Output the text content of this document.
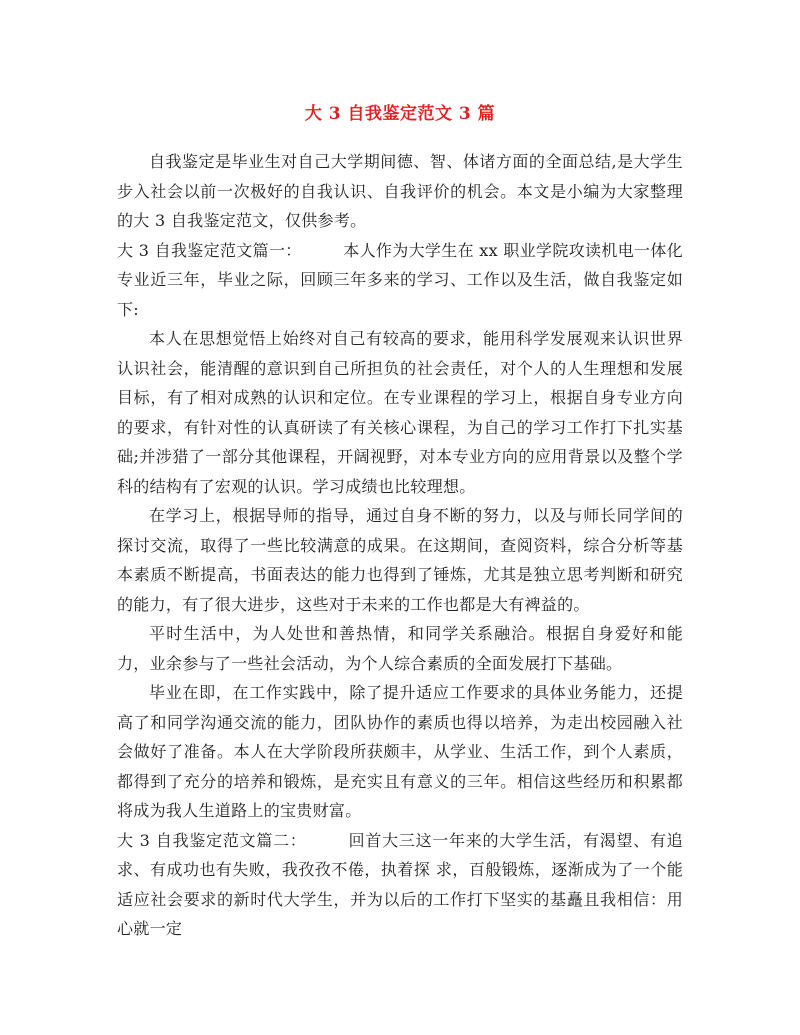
大 3 自我鉴定范文 3 篇

自我鉴定是毕业生对自己大学期间德、智、体诸方面的全面总结,是大学生步入社会以前一次极好的自我认识、自我评价的机会。本文是小编为大家整理的大 3 自我鉴定范文，仅供参考。

大 3 自我鉴定范文篇一：	本人作为大学生在 xx 职业学院攻读机电一体化专业近三年，毕业之际，回顾三年多来的学习、工作以及生活，做自我鉴定如下:

本人在思想觉悟上始终对自己有较高的要求，能用科学发展观来认识世界认识社会，能清醒的意识到自己所担负的社会责任，对个人的人生理想和发展目标，有了相对成熟的认识和定位。在专业课程的学习上，根据自身专业方向的要求，有针对性的认真研读了有关核心课程，为自己的学习工作打下扎实基础;并涉猎了一部分其他课程，开阔视野，对本专业方向的应用背景以及整个学科的结构有了宏观的认识。学习成绩也比较理想。

在学习上，根据导师的指导，通过自身不断的努力，以及与师长同学间的探讨交流，取得了一些比较满意的成果。在这期间，查阅资料，综合分析等基本素质不断提高，书面表达的能力也得到了锤炼，尤其是独立思考判断和研究的能力，有了很大进步，这些对于未来的工作也都是大有裨益的。

平时生活中，为人处世和善热情，和同学关系融洽。根据自身爱好和能力，业余参与了一些社会活动，为个人综合素质的全面发展打下基础。

毕业在即，在工作实践中，除了提升适应工作要求的具体业务能力，还提高了和同学沟通交流的能力，团队协作的素质也得以培养，为走出校园融入社会做好了准备。本人在大学阶段所获颇丰，从学业、生活工作，到个人素质，都得到了充分的培养和锻炼，是充实且有意义的三年。相信这些经历和积累都将成为我人生道路上的宝贵财富。

大 3 自我鉴定范文篇二：	回首大三这一年来的大学生活，有渴望、有追求、有成功也有失败，我孜孜不倦，执着探 求，百般锻炼，逐渐成为了一个能适应社会要求的新时代大学生，并为以后的工作打下坚实的基矗且我相信：用心就一定
